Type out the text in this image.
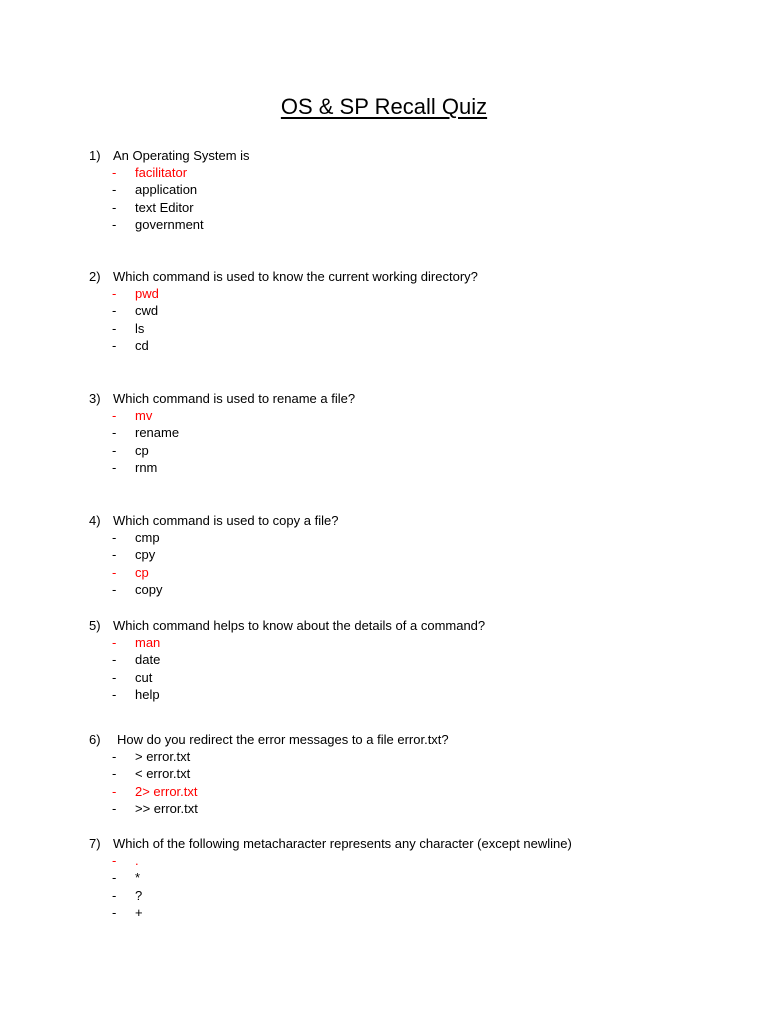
OS & SP Recall Quiz
1) An Operating System is
- facilitator
- application
- text Editor
- government
2) Which command is used to know the current working directory?
- pwd
- cwd
- ls
- cd
3) Which command is used to rename a file?
- mv
- rename
- cp
- rnm
4) Which command is used to copy a file?
- cmp
- cpy
- cp
- copy
5) Which command helps to know about the details of a command?
- man
- date
- cut
- help
6) How do you redirect the error messages to a file error.txt?
- > error.txt
- < error.txt
- 2> error.txt
- >> error.txt
7) Which of the following metacharacter represents any character (except newline)
- .
- *
- ?
- +
